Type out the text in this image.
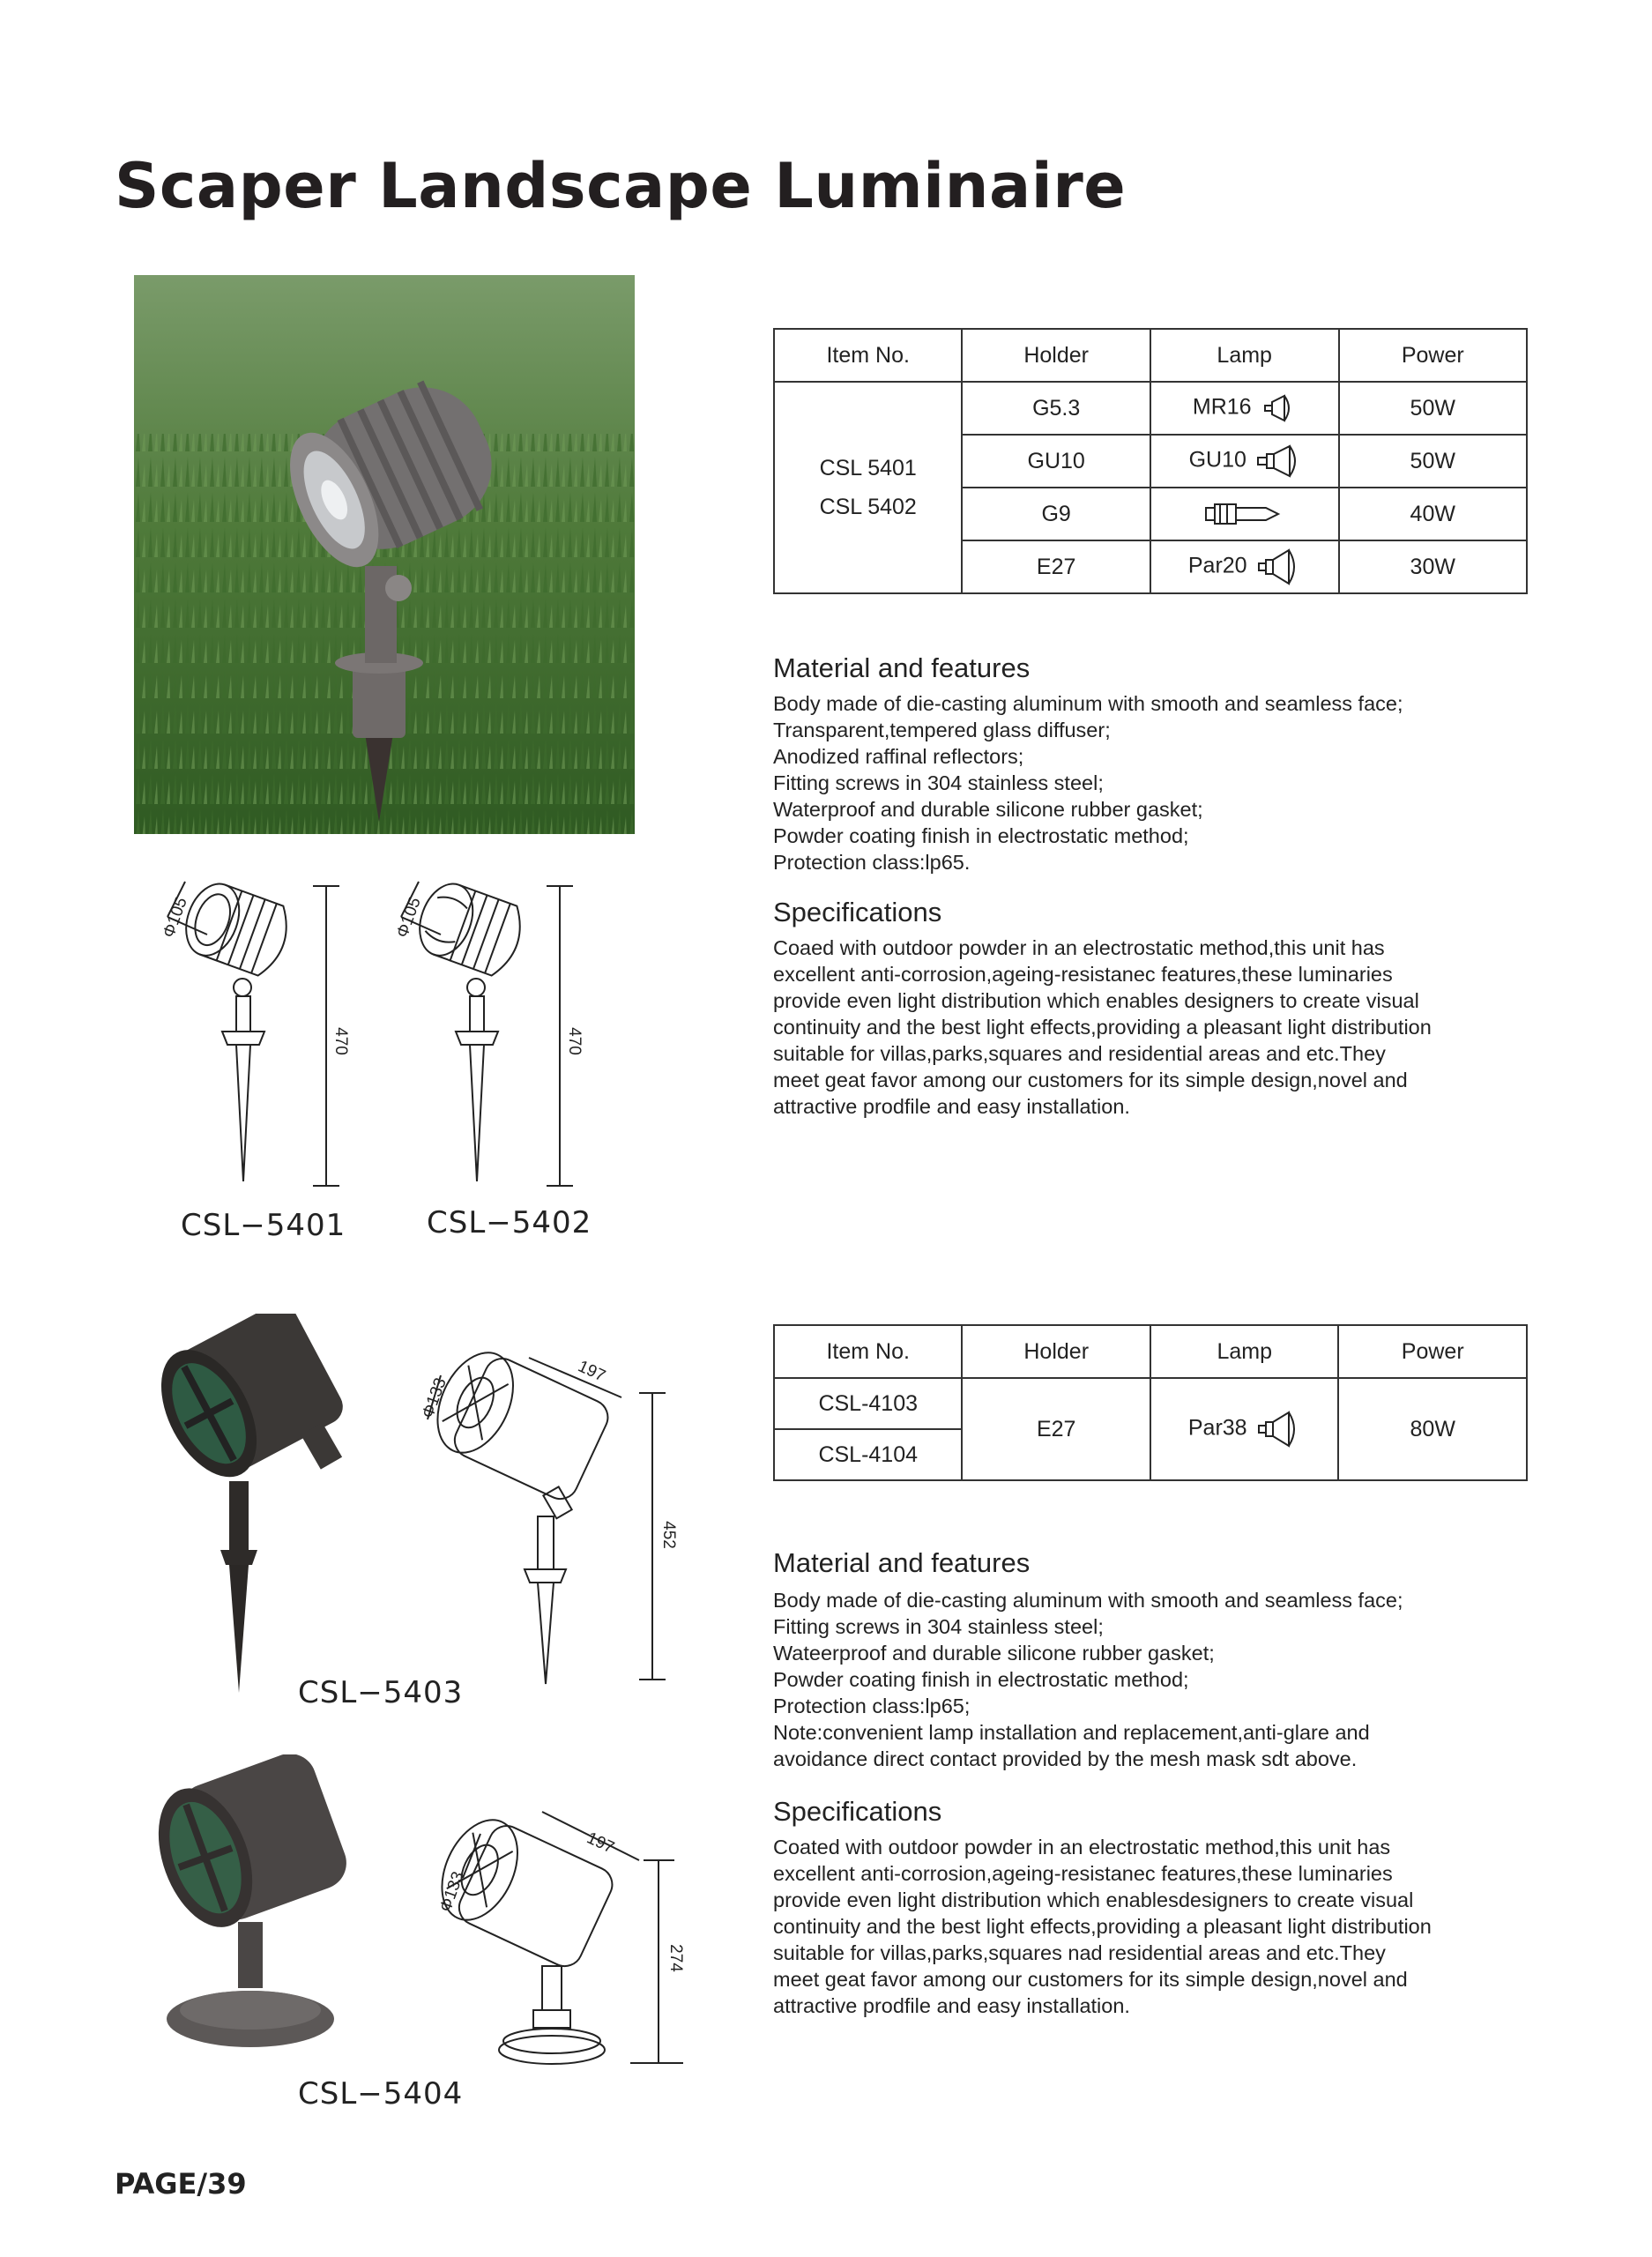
Scaper Landscape Luminaire
Item No.	Holder	Lamp	Power

CSL 5401
CSL 5402	G5.3	MR16	50W
	GU10	GU10	50W
	G9		40W
	E27	Par20	30W
Material and features
Body made of die-casting aluminum with smooth and seamless face;
Transparent,tempered glass diffuser;
Anodized raffinal reflectors;
Fitting screws in 304 stainless steel;
Waterproof and durable silicone rubber gasket;
Powder coating finish in electrostatic method;
Protection class:lp65.
Specifications
Coaed with outdoor powder in an electrostatic method,this unit has
excellent anti-corrosion,ageing-resistanec features,these luminaries
provide even light distribution which enables designers to create visual
continuity and the best light effects,providing a pleasant light distribution
suitable for villas,parks,squares and residential areas and etc.They
meet geat favor among our customers for its simple design,novel and
attractive prodfile and easy installation.
Φ105
470
Φ105
470
CSL−5401	CSL−5402
Φ133
197
452
CSL−5403
Φ133
197
274
CSL−5404
Item No.	Holder	Lamp	Power
CSL-4103	E27	Par38	80W
CSL-4104			
Material and features
Body made of die-casting aluminum with smooth and seamless face;
Fitting screws in 304 stainless steel;
Wateerproof and durable silicone rubber gasket;
Powder coating finish in electrostatic method;
Protection class:lp65;
Note:convenient lamp installation and replacement,anti-glare and
avoidance direct contact provided by the mesh mask sdt above.
Specifications
Coated with outdoor powder in an electrostatic method,this unit has
excellent anti-corrosion,ageing-resistanec features,these luminaries
provide even light distribution which enablesdesigners to create visual
continuity and the best light effects,providing a pleasant light distribution
suitable for villas,parks,squares nad residential areas and etc.They
meet geat favor among our customers for its simple design,novel and
attractive prodfile and easy installation.
PAGE/39
